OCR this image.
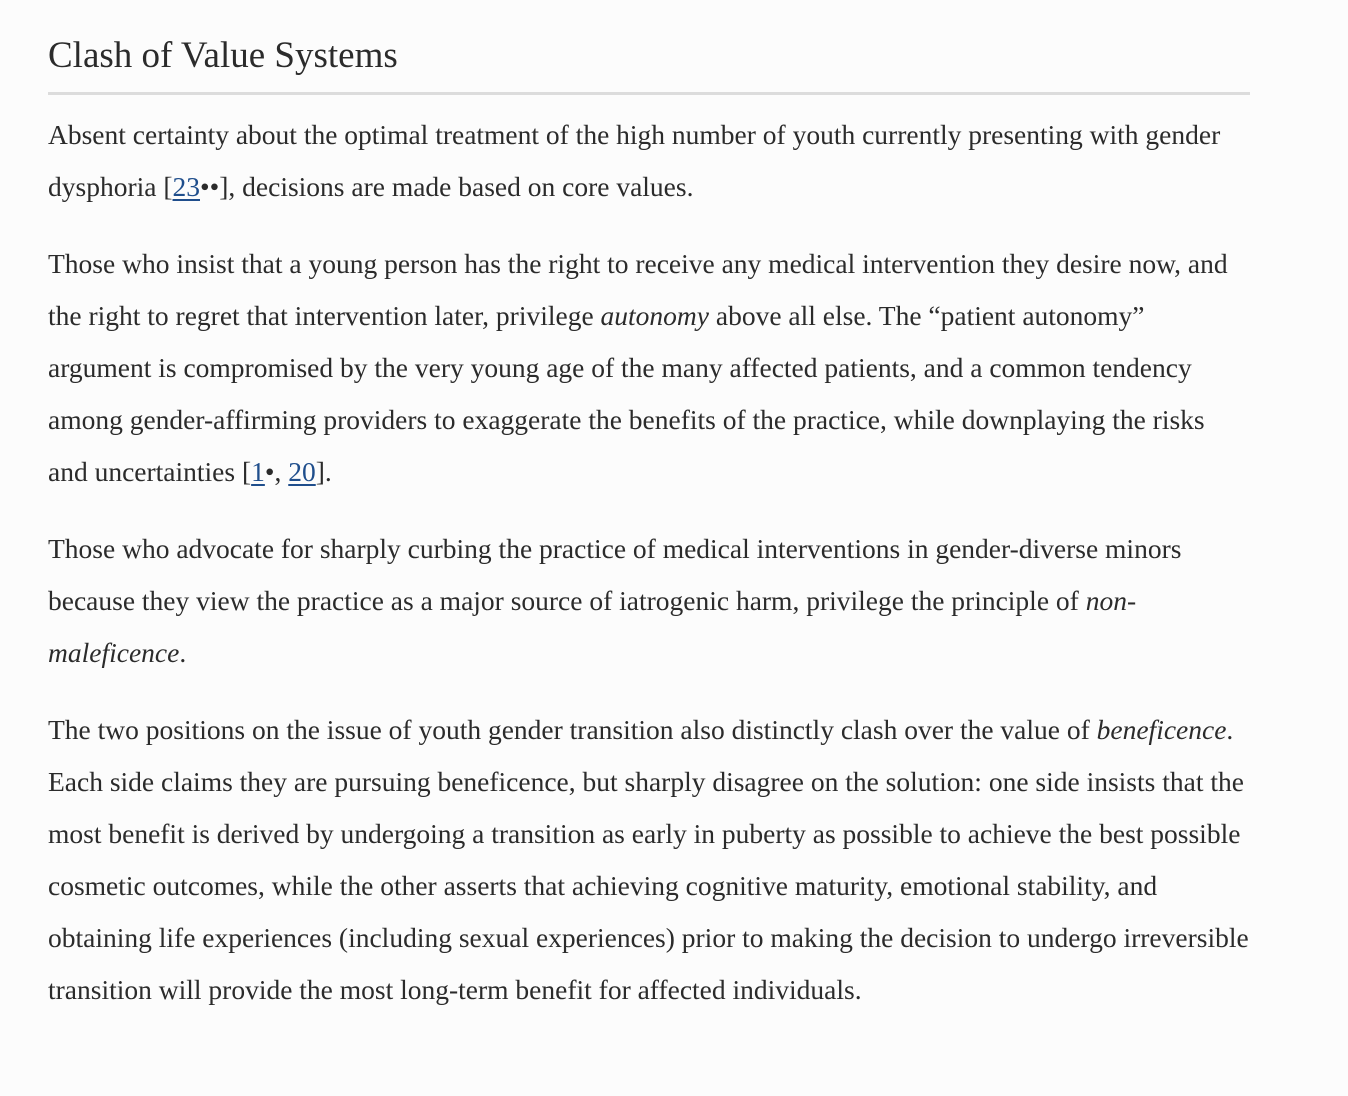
Clash of Value Systems

Absent certainty about the optimal treatment of the high number of youth currently presenting with gender dysphoria [23••], decisions are made based on core values.

Those who insist that a young person has the right to receive any medical intervention they desire now, and the right to regret that intervention later, privilege autonomy above all else. The “patient autonomy” argument is compromised by the very young age of the many affected patients, and a common tendency among gender-affirming providers to exaggerate the benefits of the practice, while downplaying the risks and uncertainties [1•, 20].

Those who advocate for sharply curbing the practice of medical interventions in gender-diverse minors because they view the practice as a major source of iatrogenic harm, privilege the principle of non-maleficence.

The two positions on the issue of youth gender transition also distinctly clash over the value of beneficence. Each side claims they are pursuing beneficence, but sharply disagree on the solution: one side insists that the most benefit is derived by undergoing a transition as early in puberty as possible to achieve the best possible cosmetic outcomes, while the other asserts that achieving cognitive maturity, emotional stability, and obtaining life experiences (including sexual experiences) prior to making the decision to undergo irreversible transition will provide the most long-term benefit for affected individuals.
